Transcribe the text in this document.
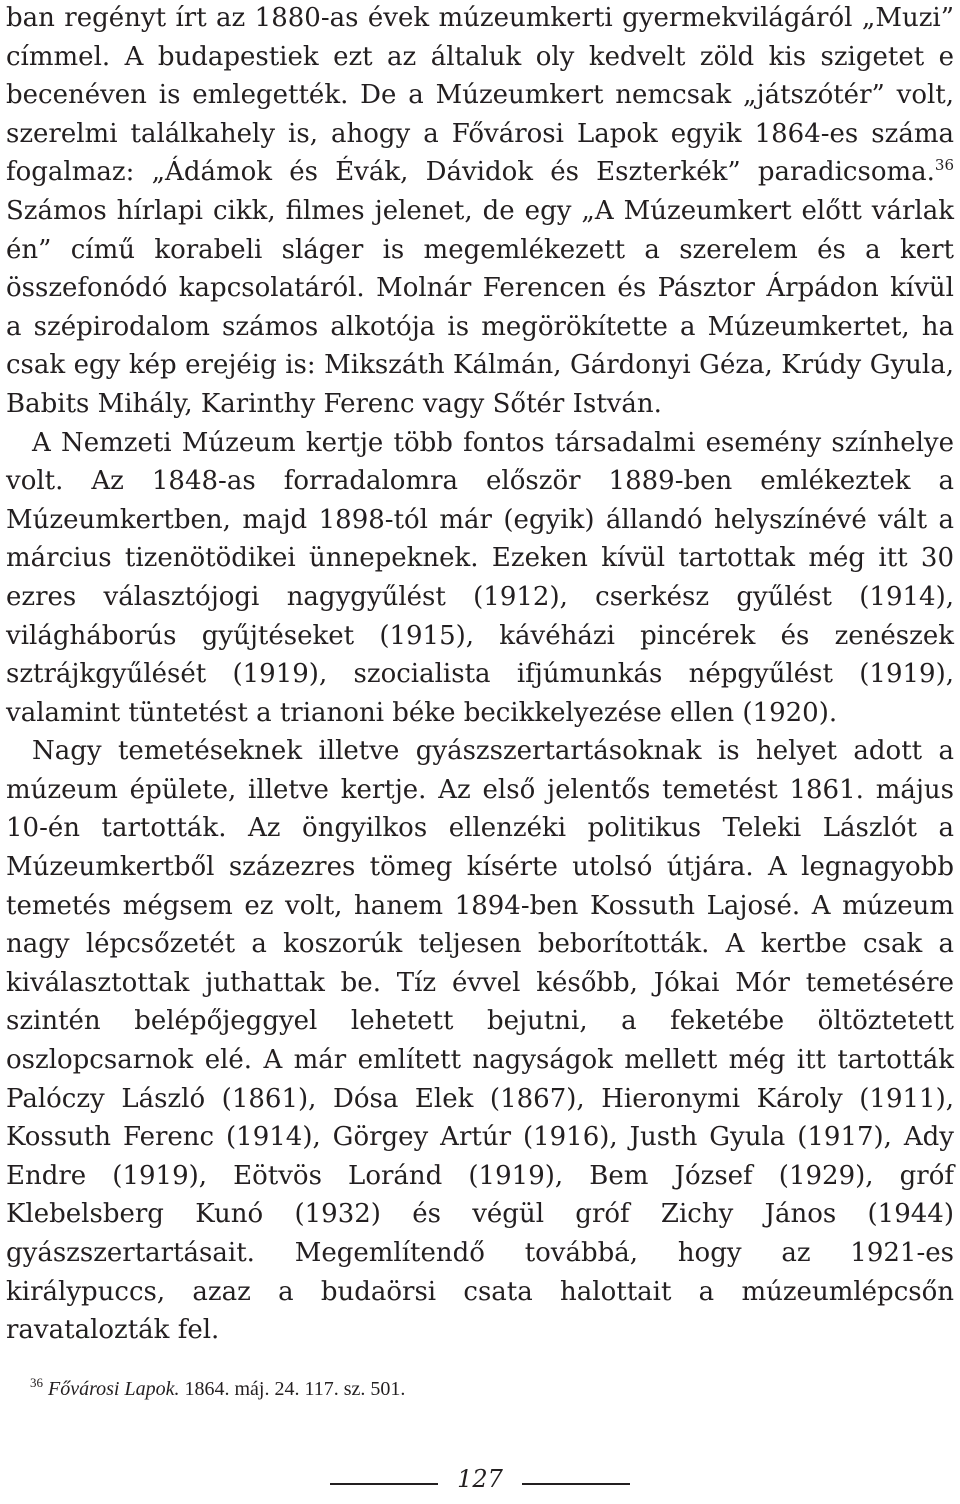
ban regényt írt az 1880-as évek múzeumkerti gyermekvilágáról „Muzi” címmel. A budapestiek ezt az általuk oly kedvelt zöld kis szigetet e becenéven is emlegették. De a Múzeumkert nemcsak „játszótér” volt, szerelmi találkahely is, ahogy a Fővárosi Lapok egyik 1864-es száma fogalmaz: „Ádámok és Évák, Dávidok és Eszterkék” paradicsoma.$^{36}$ Számos hírlapi cikk, filmes jelenet, de egy „A Múzeumkert előtt várlak én” című korabeli sláger is megemlékezett a szerelem és a kert összefonódó kapcsolatáról. Molnár Ferencen és Pásztor Árpádon kívül a szépirodalom számos alkotója is megörökítette a Múzeumkertet, ha csak egy kép erejéig is: Mikszáth Kálmán, Gárdonyi Géza, Krúdy Gyula, Babits Mihály, Karinthy Ferenc vagy Sőtér István.

A Nemzeti Múzeum kertje több fontos társadalmi esemény színhelye volt. Az 1848-as forradalomra először 1889-ben emlékeztek a Múzeumkertben, majd 1898-tól már (egyik) állandó helyszínévé vált a március tizenötödikei ünnepeknek. Ezeken kívül tartottak még itt 30 ezres választójogi nagygyűlést (1912), cserkész gyűlést (1914), világháborús gyűjtéseket (1915), kávéházi pincérek és zenészek sztrájkgyűlését (1919), szocialista ifjúmunkás népgyűlést (1919), valamint tüntetést a trianoni béke becikkelyezése ellen (1920).

Nagy temetéseknek illetve gyászszertartásoknak is helyet adott a múzeum épülete, illetve kertje. Az első jelentős temetést 1861. május 10-én tartották. Az öngyilkos ellenzéki politikus Teleki Lászlót a Múzeumkertből százezres tömeg kísérte utolsó útjára. A legnagyobb temetés mégsem ez volt, hanem 1894-ben Kossuth Lajosé. A múzeum nagy lépcsőzetét a koszorúk teljesen beborították. A kertbe csak a kiválasztottak juthattak be. Tíz évvel később, Jókai Mór temetésére szintén belépőjeggyel lehetett bejutni, a feketébe öltöztetett oszlopcsarnok elé. A már említett nagyságok mellett még itt tartották Palóczy László (1861), Dósa Elek (1867), Hieronymi Károly (1911), Kossuth Ferenc (1914), Görgey Artúr (1916), Justh Gyula (1917), Ady Endre (1919), Eötvös Loránd (1919), Bem József (1929), gróf Klebelsberg Kunó (1932) és végül gróf Zichy János (1944) gyászszertartásait. Megemlítendő továbbá, hogy az 1921-es királypuccs, azaz a budaörsi csata halottait a múzeumlépcsőn ravatalozták fel.

$^{36}$ Fővárosi Lapok. 1864. máj. 24. 117. sz. 501.
127
